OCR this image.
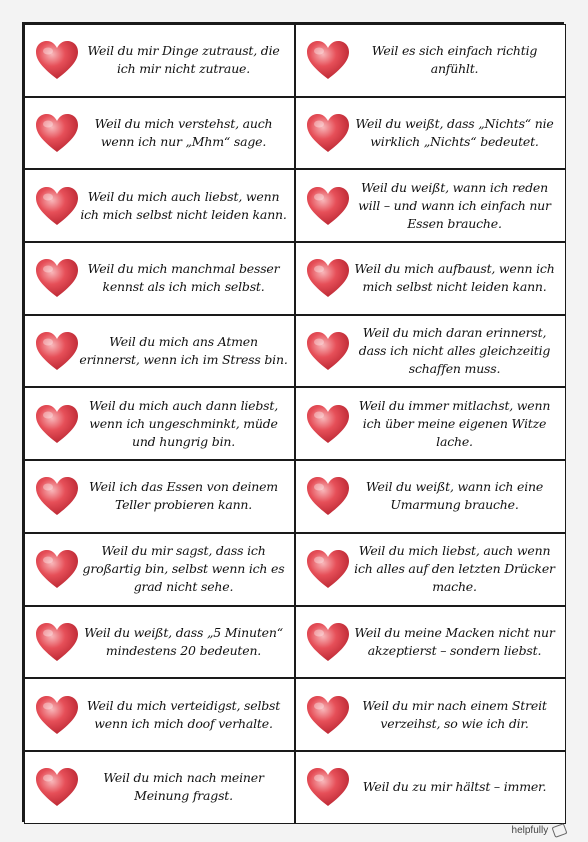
Weil du mir Dinge zutraust, die ich mir nicht zutraue.
Weil es sich einfach richtig anfühlt.
Weil du mich verstehst, auch wenn ich nur „Mhm“ sage.
Weil du weißt, dass „Nichts“ nie wirklich „Nichts“ bedeutet.
Weil du mich auch liebst, wenn ich mich selbst nicht leiden kann.
Weil du weißt, wann ich reden will – und wann ich einfach nur Essen brauche.
Weil du mich manchmal besser kennst als ich mich selbst.
Weil du mich aufbaust, wenn ich mich selbst nicht leiden kann.
Weil du mich ans Atmen erinnerst, wenn ich im Stress bin.
Weil du mich daran erinnerst, dass ich nicht alles gleichzeitig schaffen muss.
Weil du mich auch dann liebst, wenn ich ungeschminkt, müde und hungrig bin.
Weil du immer mitlachst, wenn ich über meine eigenen Witze lache.
Weil ich das Essen von deinem Teller probieren kann.
Weil du weißt, wann ich eine Umarmung brauche.
Weil du mir sagst, dass ich großartig bin, selbst wenn ich es grad nicht sehe.
Weil du mich liebst, auch wenn ich alles auf den letzten Drücker mache.
Weil du weißt, dass „5 Minuten“ mindestens 20 bedeuten.
Weil du meine Macken nicht nur akzeptierst – sondern liebst.
Weil du mich verteidigst, selbst wenn ich mich doof verhalte.
Weil du mir nach einem Streit verzeihst, so wie ich dir.
Weil du mich nach meiner Meinung fragst.
Weil du zu mir hältst – immer.
helpfully
